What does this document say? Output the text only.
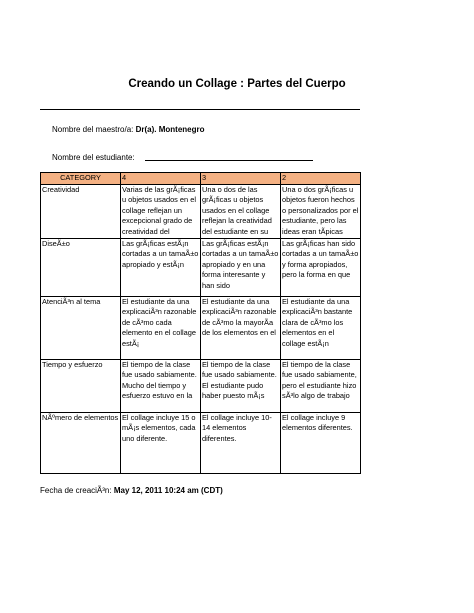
Creando un Collage : Partes del Cuerpo
Nombre del maestro/a: Dr(a). Montenegro
Nombre del estudiante:
CATEGORY	4	3	2

Creatividad	Varias de las grÃ¡ficas u objetos usados en el collage reflejan un excepcional grado de creatividad del	Una o dos de las grÃ¡ficas u objetos usados en el collage reflejan la creatividad del estudiante en su	Una o dos grÃ¡ficas u objetos fueron hechos o personalizados por el estudiante, pero las ideas eran tÃpicas

DiseÃ±o	Las grÃ¡ficas estÃ¡n cortadas a un tamaÃ±o apropiado y estÃ¡n	Las grÃ¡ficas estÃ¡n cortadas a un tamaÃ±o apropiado y en una forma interesante y han sido	Las grÃ¡ficas han sido cortadas a un tamaÃ±o y forma apropiados, pero la forma en que

AtenciÃ³n al tema	El estudiante da una explicaciÃ³n razonable de cÃ³mo cada elemento en el collage estÃ¡	El estudiante da una explicaciÃ³n razonable de cÃ³mo la mayorÃa de los elementos en el	El estudiante da una explicaciÃ³n bastante clara de cÃ³mo los elementos en el collage estÃ¡n

Tiempo y esfuerzo	El tiempo de la clase fue usado sabiamente. Mucho del tiempo y esfuerzo estuvo en la	El tiempo de la clase fue usado sabiamente. El estudiante pudo haber puesto mÃ¡s	El tiempo de la clase fue usado sabiamente, pero el estudiante hizo sÃ³lo algo de trabajo

NÃºmero de elementos	El collage incluye 15 o mÃ¡s elementos, cada uno diferente.	El collage incluye 10-14 elementos diferentes.	El collage incluye 9 elementos diferentes.
Fecha de creaciÃ³n: May 12, 2011 10:24 am (CDT)
